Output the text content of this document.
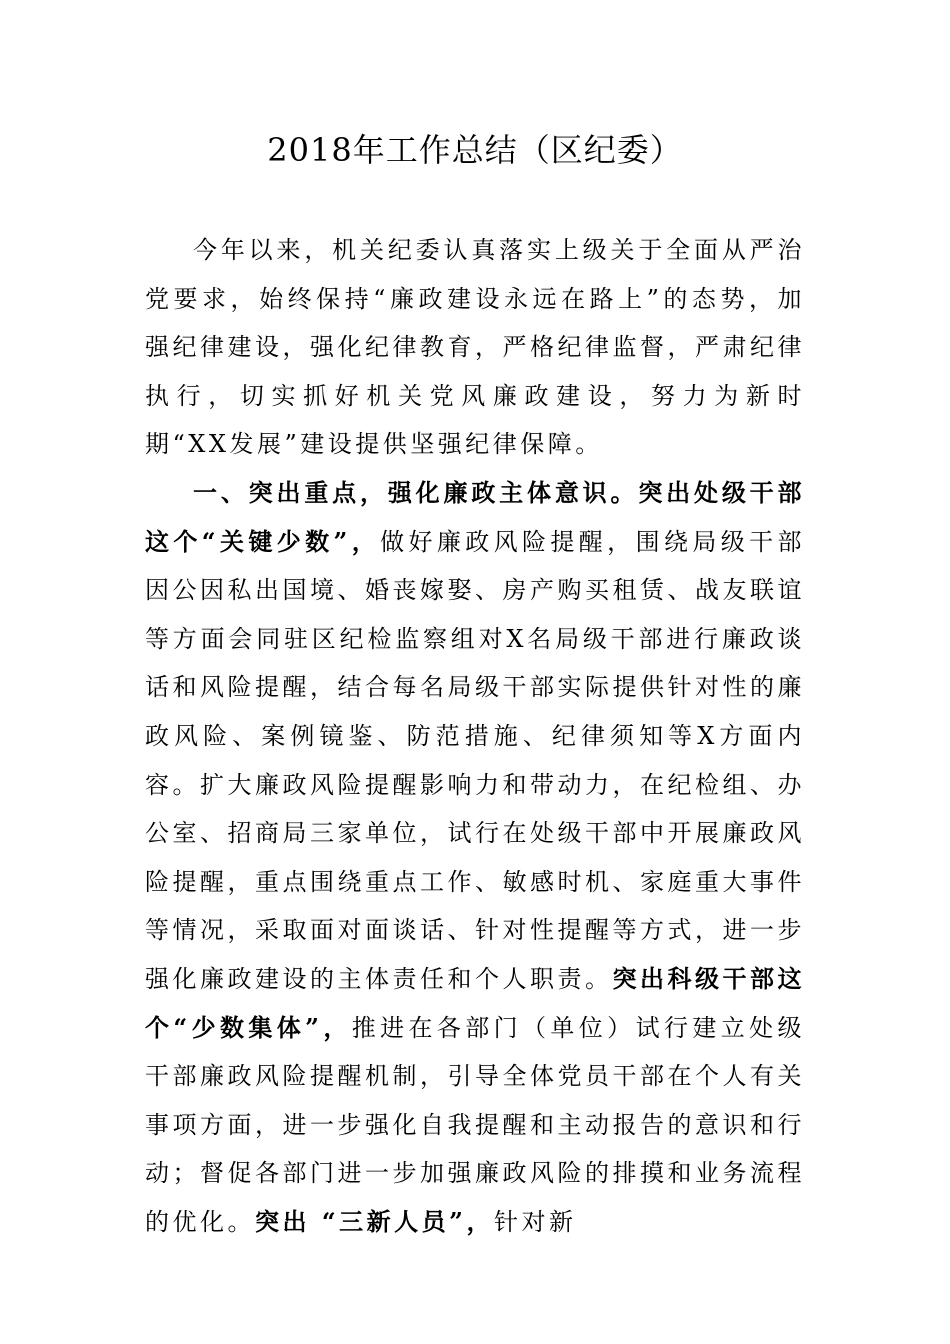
2018年工作总结（区纪委）

今年以来，机关纪委认真落实上级关于全面从严治党要求，始终保持“廉政建设永远在路上”的态势，加强纪律建设，强化纪律教育，严格纪律监督，严肃纪律执行，切实抓好机关党风廉政建设，努力为新时期“XX发展”建设提供坚强纪律保障。

一、突出重点，强化廉政主体意识。突出处级干部这个“关键少数”，做好廉政风险提醒，围绕局级干部因公因私出国境、婚丧嫁娶、房产购买租赁、战友联谊等方面会同驻区纪检监察组对X名局级干部进行廉政谈话和风险提醒，结合每名局级干部实际提供针对性的廉政风险、案例镜鉴、防范措施、纪律须知等X方面内容。扩大廉政风险提醒影响力和带动力，在纪检组、办公室、招商局三家单位，试行在处级干部中开展廉政风险提醒，重点围绕重点工作、敏感时机、家庭重大事件等情况，采取面对面谈话、针对性提醒等方式，进一步强化廉政建设的主体责任和个人职责。突出科级干部这个“少数集体”，推进在各部门（单位）试行建立处级干部廉政风险提醒机制，引导全体党员干部在个人有关事项方面，进一步强化自我提醒和主动报告的意识和行动；督促各部门进一步加强廉政风险的排摸和业务流程的优化。突出 “三新人员”，针对新
